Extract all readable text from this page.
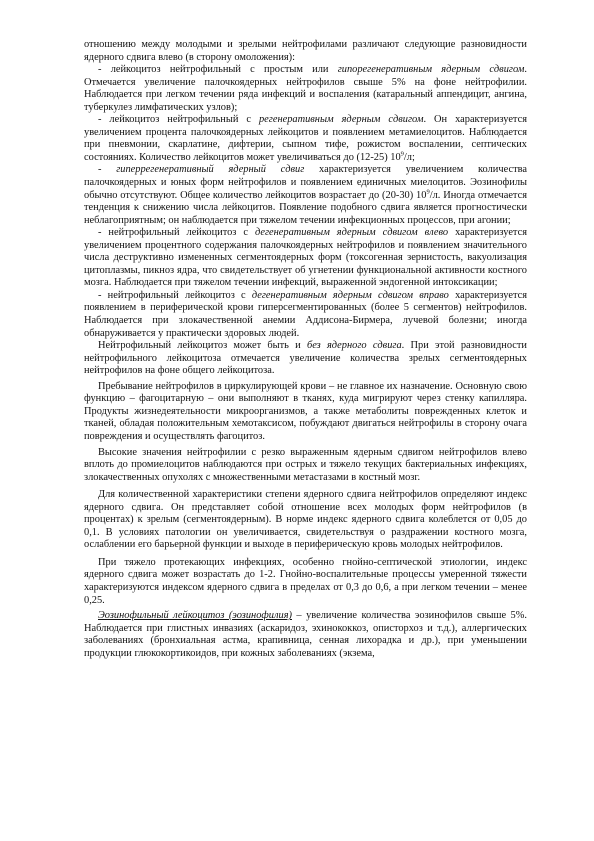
отношению между молодыми и зрелыми нейтрофилами различают следующие разновидности ядерного сдвига влево (в сторону омоложения):

- лейкоцитоз нейтрофильный с простым или гипорегенеративным ядерным сдвигом. Отмечается увеличение палочкоядерных нейтрофилов свыше 5% на фоне нейтрофилии. Наблюдается при легком течении ряда инфекций и воспаления (катаральный аппендицит, ангина, туберкулез лимфатических узлов);

- лейкоцитоз нейтрофильный с регенеративным ядерным сдвигом. Он характеризуется увеличением процента палочкоядерных лейкоцитов и появлением метамиелоцитов. Наблюдается при пневмонии, скарлатине, дифтерии, сыпном тифе, рожистом воспалении, септических состояниях. Количество лейкоцитов может увеличиваться до (12-25) $10^9/л$;

- гиперрегенеративный ядерный сдвиг характеризуется увеличением количества палочкоядерных и юных форм нейтрофилов и появлением единичных миелоцитов. Эозинофилы обычно отсутствуют. Общее количество лейкоцитов возрастает до (20-30) $10^9/л$. Иногда отмечается тенденция к снижению числа лейкоцитов. Появление подобного сдвига является прогностически неблагоприятным; он наблюдается при тяжелом течении инфекционных процессов, при агонии;

- нейтрофильный лейкоцитоз с дегенеративным ядерным сдвигом влево характеризуется увеличением процентного содержания палочкоядерных нейтрофилов и появлением значительного числа деструктивно измененных сегментоядерных форм (токсогенная зернистость, вакуолизация цитоплазмы, пикноз ядра, что свидетельствует об угнетении функциональной активности костного мозга. Наблюдается при тяжелом течении инфекций, выраженной эндогенной интоксикации;

- нейтрофильный лейкоцитоз с дегенеративным ядерным сдвигом вправо характеризуется появлением в периферической крови гиперсегментированных (более 5 сегментов) нейтрофилов. Наблюдается при злокачественной анемии Аддисона-Бирмера, лучевой болезни; иногда обнаруживается у практически здоровых людей.

Нейтрофильный лейкоцитоз может быть и без ядерного сдвига. При этой разновидности нейтрофильного лейкоцитоза отмечается увеличение количества зрелых сегментоядерных нейтрофилов на фоне общего лейкоцитоза.

Пребывание нейтрофилов в циркулирующей крови – не главное их назначение. Основную свою функцию – фагоцитарную – они выполняют в тканях, куда мигрируют через стенку капилляра. Продукты жизнедеятельности микроорганизмов, а также метаболиты поврежденных клеток и тканей, обладая положительным хемотаксисом, побуждают двигаться нейтрофилы в сторону очага повреждения и осуществлять фагоцитоз.

Высокие значения нейтрофилии с резко выраженным ядерным сдвигом нейтрофилов влево вплоть до промиелоцитов наблюдаются при острых и тяжело текущих бактериальных инфекциях, злокачественных опухолях с множественными метастазами в костный мозг.

Для количественной характеристики степени ядерного сдвига нейтрофилов определяют индекс ядерного сдвига. Он представляет собой отношение всех молодых форм нейтрофилов (в процентах) к зрелым (сегментоядерным). В норме индекс ядерного сдвига колеблется от 0,05 до 0,1. В условиях патологии он увеличивается, свидетельствуя о раздражении костного мозга, ослаблении его барьерной функции и выходе в периферическую кровь молодых нейтрофилов.

При тяжело протекающих инфекциях, особенно гнойно-септической этиологии, индекс ядерного сдвига может возрастать до 1-2. Гнойно-воспалительные процессы умеренной тяжести характеризуются индексом ядерного сдвига в пределах от 0,3 до 0,6, а при легком течении – менее 0,25.

Эозинофильный лейкоцитоз (эозинофилия) – увеличение количества эозинофилов свыше 5%. Наблюдается при глистных инвазиях (аскаридоз, эхинококкоз, описторхоз и т.д.), аллергических заболеваниях (бронхиальная астма, крапивница, сенная лихорадка и др.), при уменьшении продукции глюкокортикоидов, при кожных заболеваниях (экзема,
